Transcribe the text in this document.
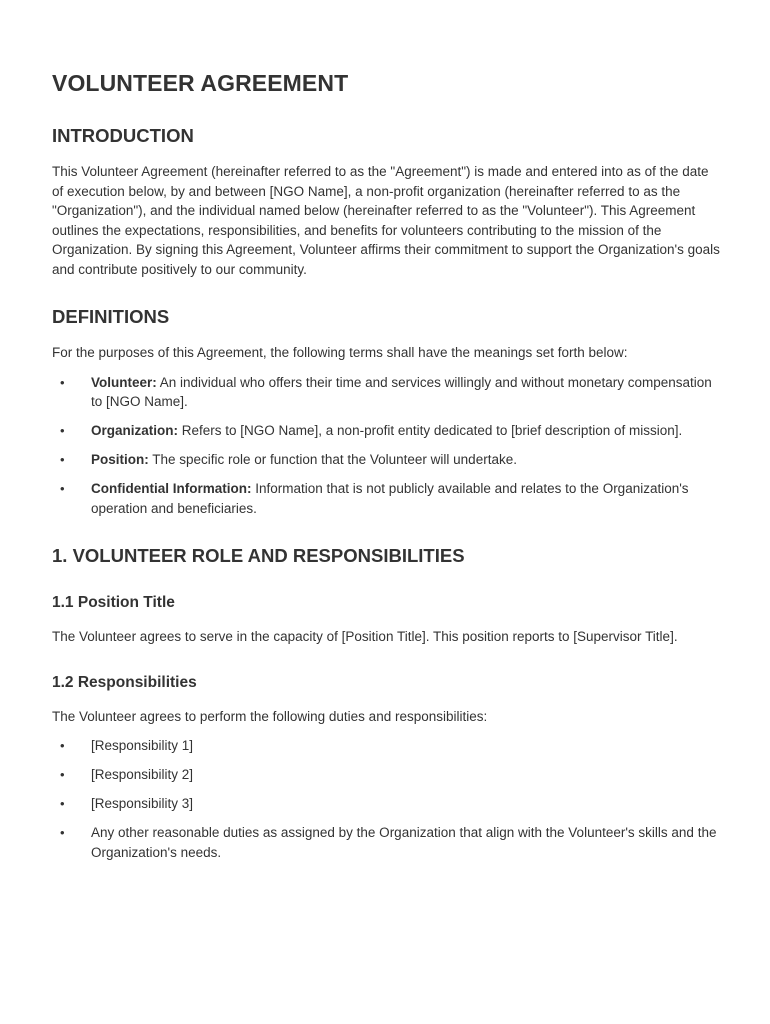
VOLUNTEER AGREEMENT
INTRODUCTION

This Volunteer Agreement (hereinafter referred to as the "Agreement") is made and entered into as of the date of execution below, by and between [NGO Name], a non-profit organization (hereinafter referred to as the "Organization"), and the individual named below (hereinafter referred to as the "Volunteer"). This Agreement outlines the expectations, responsibilities, and benefits for volunteers contributing to the mission of the Organization. By signing this Agreement, Volunteer affirms their commitment to support the Organization's goals and contribute positively to our community.

DEFINITIONS

For the purposes of this Agreement, the following terms shall have the meanings set forth below:

• Volunteer: An individual who offers their time and services willingly and without monetary compensation to [NGO Name].
• Organization: Refers to [NGO Name], a non-profit entity dedicated to [brief description of mission].
• Position: The specific role or function that the Volunteer will undertake.
• Confidential Information: Information that is not publicly available and relates to the Organization's operation and beneficiaries.
1. VOLUNTEER ROLE AND RESPONSIBILITIES
1.1 Position Title

The Volunteer agrees to serve in the capacity of [Position Title]. This position reports to [Supervisor Title].

1.2 Responsibilities

The Volunteer agrees to perform the following duties and responsibilities:

• [Responsibility 1]
• [Responsibility 2]
• [Responsibility 3]
• Any other reasonable duties as assigned by the Organization that align with the Volunteer's skills and the Organization's needs.
